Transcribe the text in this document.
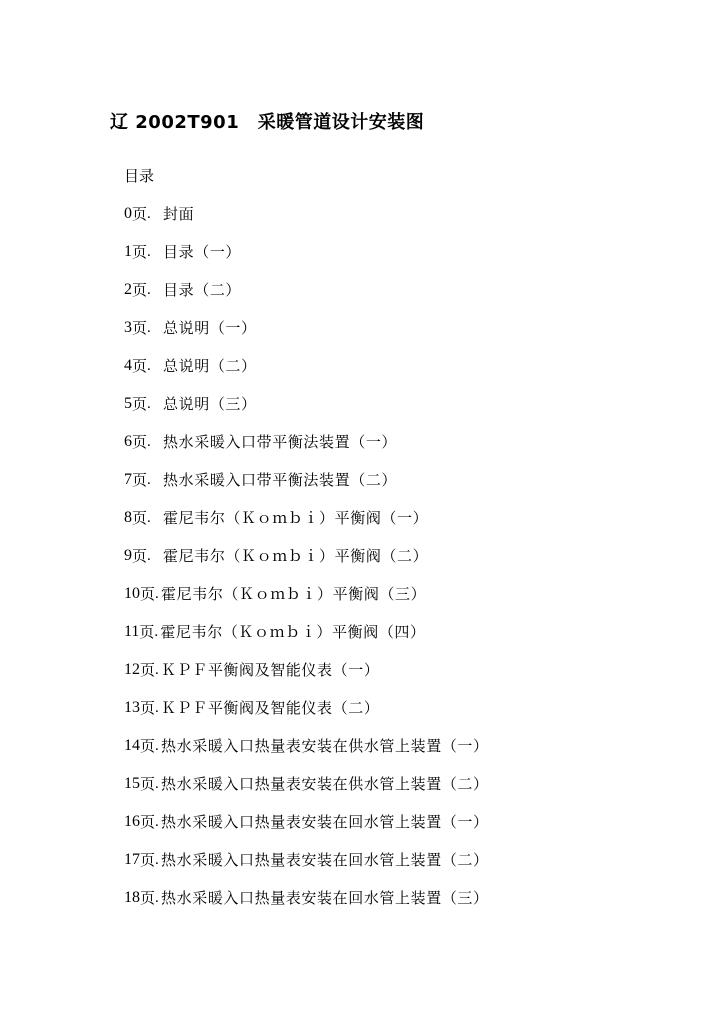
辽 2002T901　采暖管道设计安装图
目录
0 页 . 封面
1 页 . 目录（一）
2 页 . 目录（二）
3 页 . 总说明（一）
4 页 . 总说明（二）
5 页 . 总说明（三）
6 页 . 热水采暖入口带平衡法装置（一）
7 页 . 热水采暖入口带平衡法装置（二）
8 页 . 霍尼韦尔（Ｋｏｍｂｉ）平衡阀（一）
9 页 . 霍尼韦尔（Ｋｏｍｂｉ）平衡阀（二）
10 页 . 霍尼韦尔（Ｋｏｍｂｉ）平衡阀（三）
11 页 . 霍尼韦尔（Ｋｏｍｂｉ）平衡阀（四）
12 页 . ＫＰＦ平衡阀及智能仪表（一）
13 页 . ＫＰＦ平衡阀及智能仪表（二）
14 页 . 热水采暖入口热量表安装在供水管上装置（一）
15 页 . 热水采暖入口热量表安装在供水管上装置（二）
16 页 . 热水采暖入口热量表安装在回水管上装置（一）
17 页 . 热水采暖入口热量表安装在回水管上装置（二）
18 页 . 热水采暖入口热量表安装在回水管上装置（三）
